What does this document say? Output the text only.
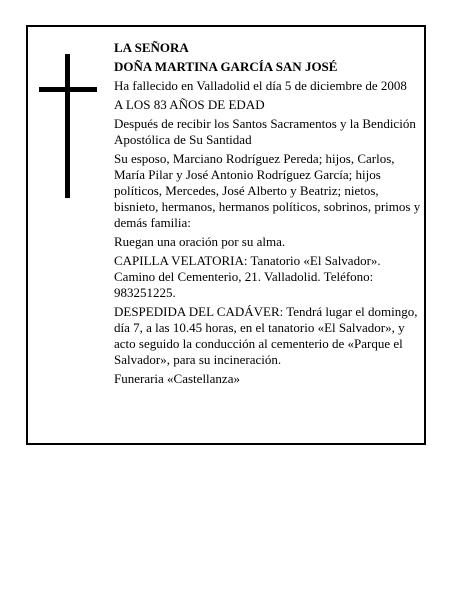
LA SEÑORA

DOÑA MARTINA GARCÍA SAN JOSÉ

Ha fallecido en Valladolid el día 5 de diciembre de 2008

A LOS 83 AÑOS DE EDAD

Después de recibir los Santos Sacramentos y la Bendición Apostólica de Su Santidad

Su esposo, Marciano Rodríguez Pereda; hijos, Carlos, María Pilar y José Antonio Rodríguez García; hijos políticos, Mercedes, José Alberto y Beatriz; nietos, bisnieto, hermanos, hermanos políticos, sobrinos, primos y demás familia:

Ruegan una oración por su alma.

CAPILLA VELATORIA: Tanatorio «El Salvador». Camino del Cementerio, 21. Valladolid. Teléfono: 983251225.

DESPEDIDA DEL CADÁVER: Tendrá lugar el domingo, día 7, a las 10.45 horas, en el tanatorio «El Salvador», y acto seguido la conducción al cementerio de «Parque el Salvador», para su incineración.

Funeraria «Castellanza»
